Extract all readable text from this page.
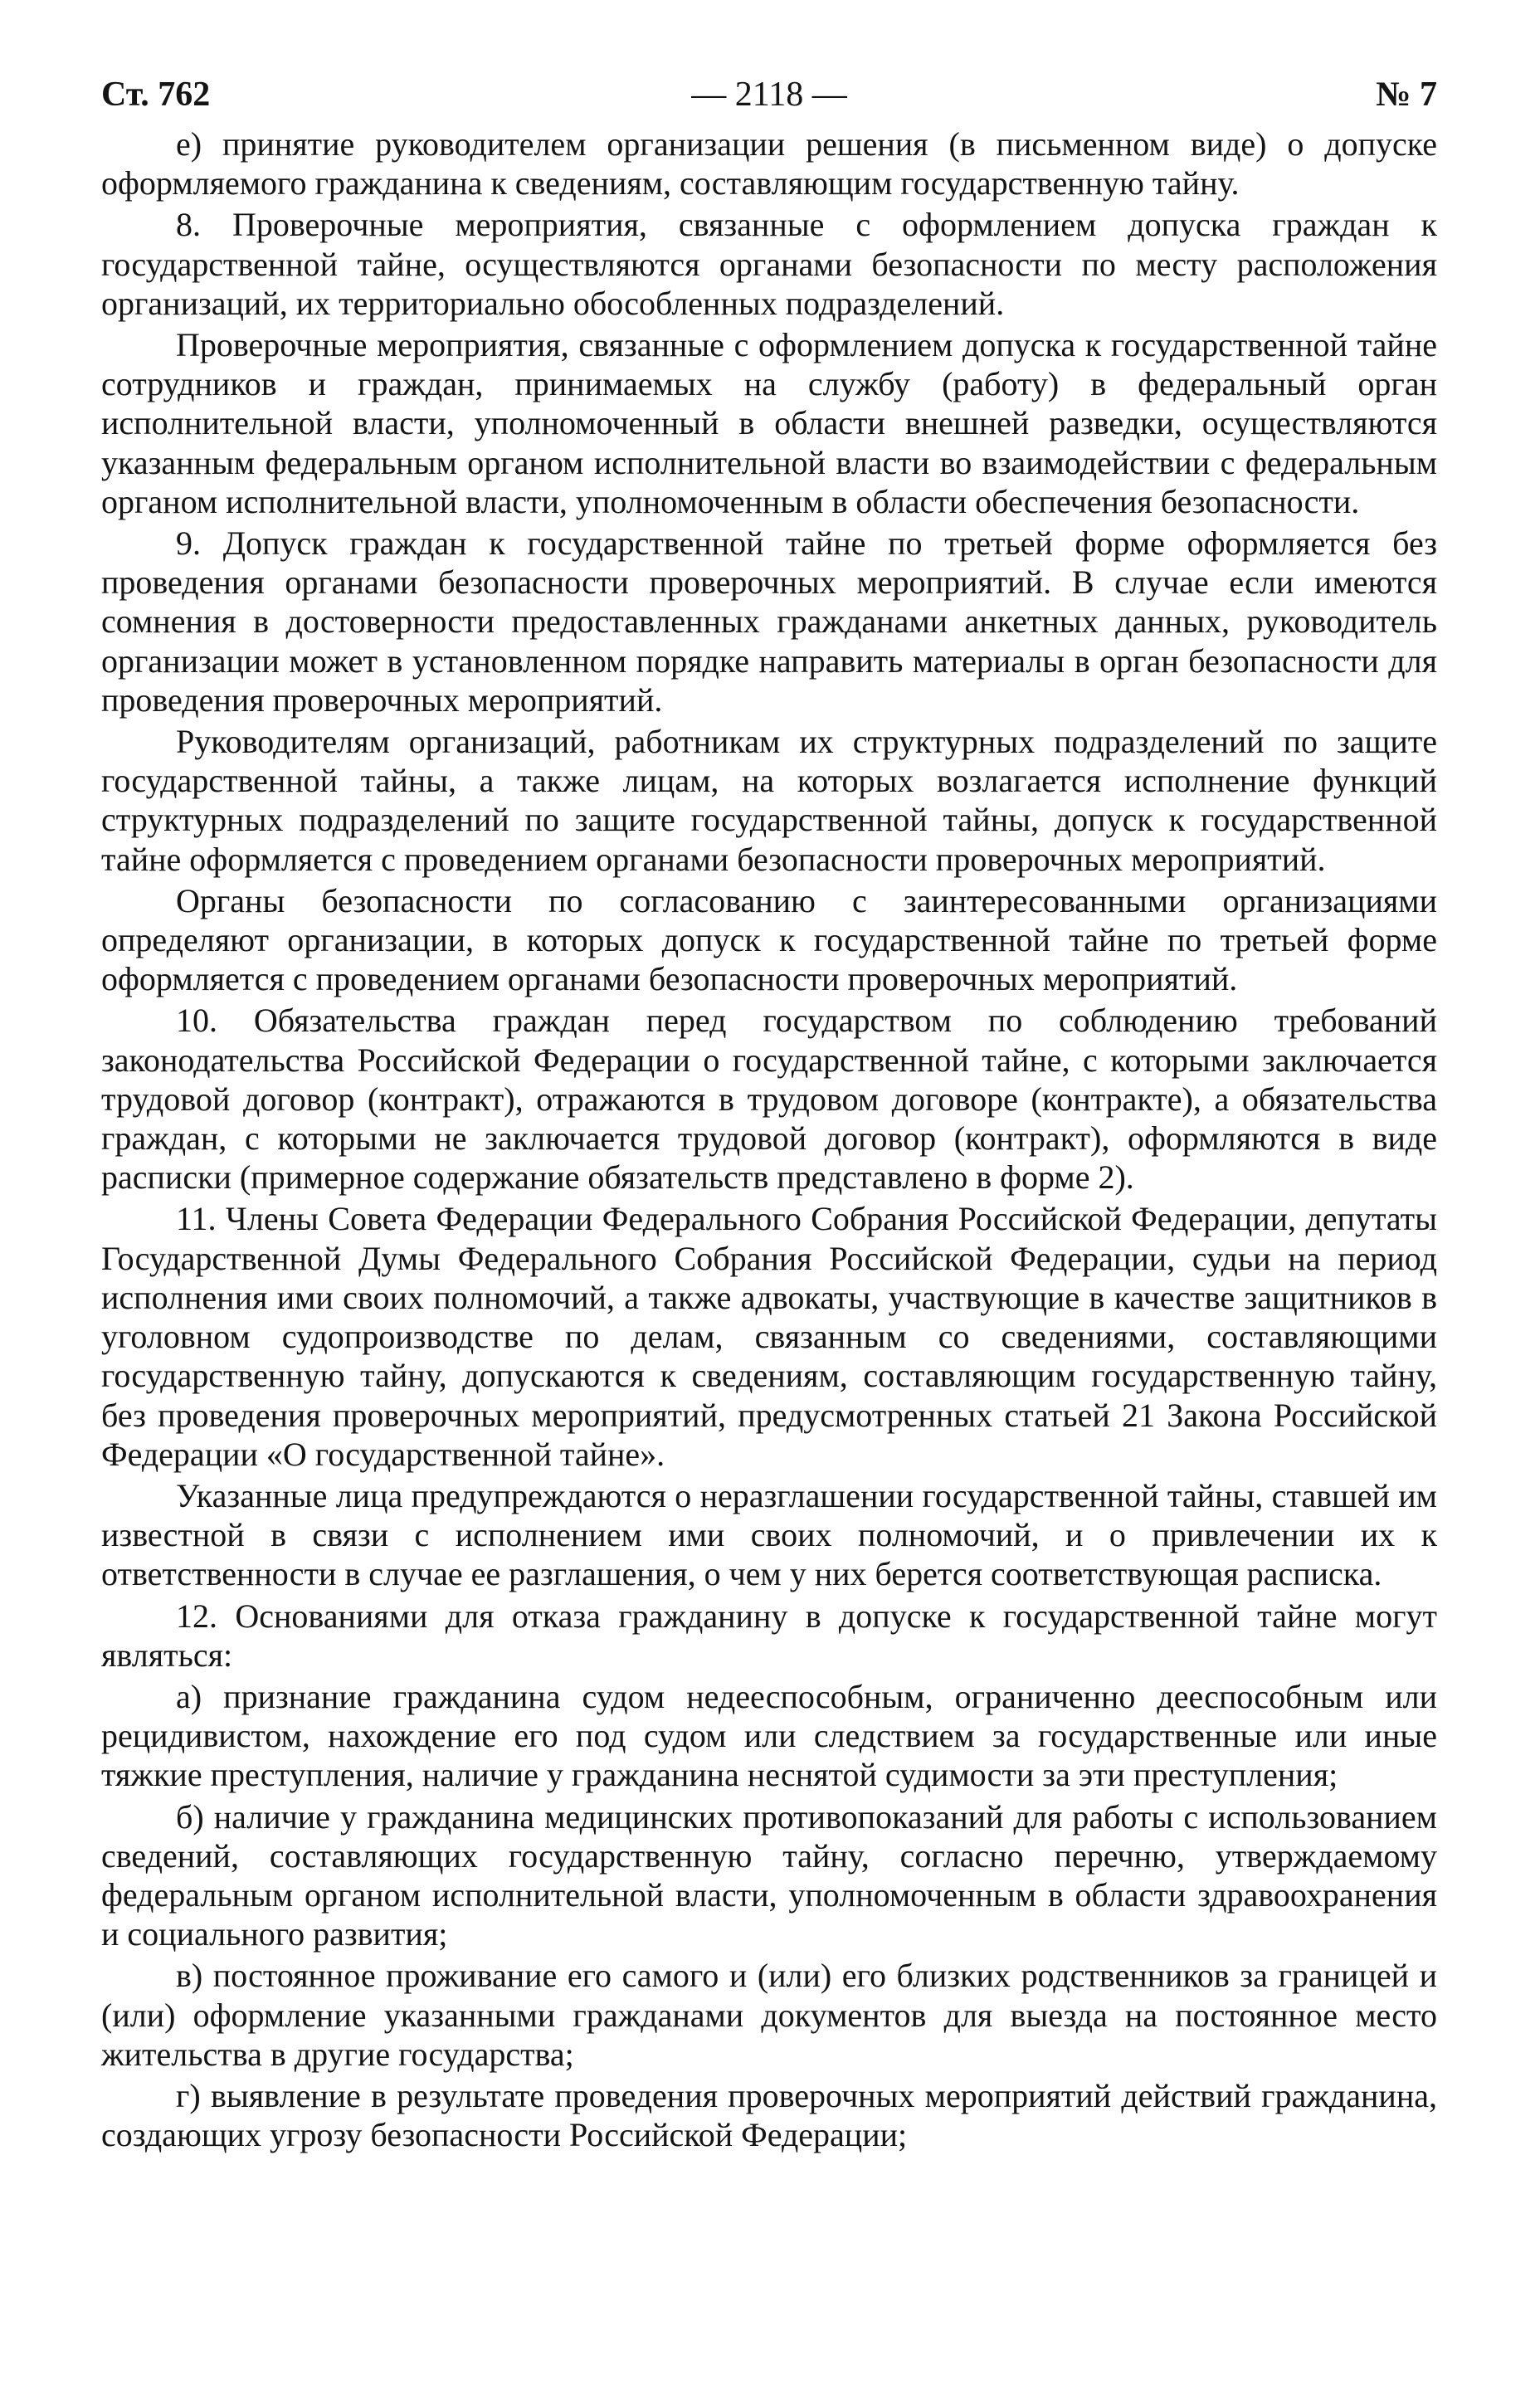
Ст. 762	— 2118 —	№ 7

е) принятие руководителем организации решения (в письменном виде) о допуске оформляемого гражданина к сведениям, составляющим государственную тайну.

8. Проверочные мероприятия, связанные с оформлением допуска граждан к государственной тайне, осуществляются органами безопасности по месту расположения организаций, их территориально обособленных подразделений.

Проверочные мероприятия, связанные с оформлением допуска к государственной тайне сотрудников и граждан, принимаемых на службу (работу) в федеральный орган исполнительной власти, уполномоченный в области внешней разведки, осуществляются указанным федеральным органом исполнительной власти во взаимодействии с федеральным органом исполнительной власти, уполномоченным в области обеспечения безопасности.

9. Допуск граждан к государственной тайне по третьей форме оформляется без проведения органами безопасности проверочных мероприятий. В случае если имеются сомнения в достоверности предоставленных гражданами анкетных данных, руководитель организации может в установленном порядке направить материалы в орган безопасности для проведения проверочных мероприятий.

Руководителям организаций, работникам их структурных подразделений по защите государственной тайны, а также лицам, на которых возлагается исполнение функций структурных подразделений по защите государственной тайны, допуск к государственной тайне оформляется с проведением органами безопасности проверочных мероприятий.

Органы безопасности по согласованию с заинтересованными организациями определяют организации, в которых допуск к государственной тайне по третьей форме оформляется с проведением органами безопасности проверочных мероприятий.

10. Обязательства граждан перед государством по соблюдению требований законодательства Российской Федерации о государственной тайне, с которыми заключается трудовой договор (контракт), отражаются в трудовом договоре (контракте), а обязательства граждан, с которыми не заключается трудовой договор (контракт), оформляются в виде расписки (примерное содержание обязательств представлено в форме 2).

11. Члены Совета Федерации Федерального Собрания Российской Федерации, депутаты Государственной Думы Федерального Собрания Российской Федерации, судьи на период исполнения ими своих полномочий, а также адвокаты, участвующие в качестве защитников в уголовном судопроизводстве по делам, связанным со сведениями, составляющими государственную тайну, допускаются к сведениям, составляющим государственную тайну, без проведения проверочных мероприятий, предусмотренных статьей 21 Закона Российской Федерации «О государственной тайне».

Указанные лица предупреждаются о неразглашении государственной тайны, ставшей им известной в связи с исполнением ими своих полномочий, и о привлечении их к ответственности в случае ее разглашения, о чем у них берется соответствующая расписка.

12. Основаниями для отказа гражданину в допуске к государственной тайне могут являться:

а) признание гражданина судом недееспособным, ограниченно дееспособным или рецидивистом, нахождение его под судом или следствием за государственные или иные тяжкие преступления, наличие у гражданина неснятой судимости за эти преступления;

б) наличие у гражданина медицинских противопоказаний для работы с использованием сведений, составляющих государственную тайну, согласно перечню, утверждаемому федеральным органом исполнительной власти, уполномоченным в области здравоохранения и социального развития;

в) постоянное проживание его самого и (или) его близких родственников за границей и (или) оформление указанными гражданами документов для выезда на постоянное место жительства в другие государства;

г) выявление в результате проведения проверочных мероприятий действий гражданина, создающих угрозу безопасности Российской Федерации;
